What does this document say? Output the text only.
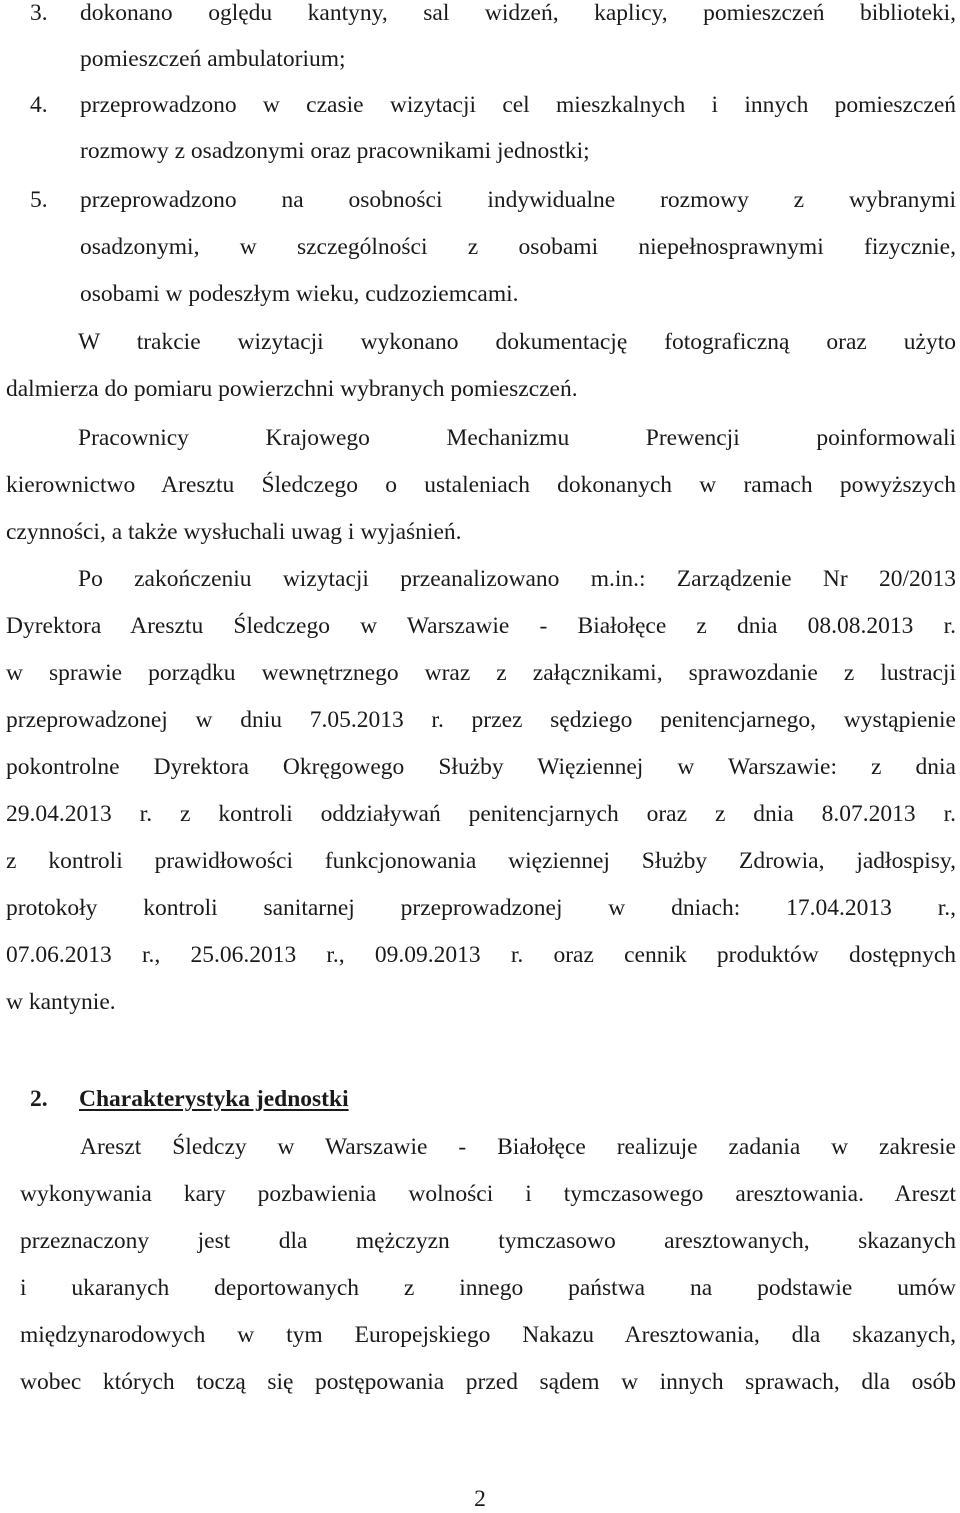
3. dokonano oględu kantyny, sal widzeń, kaplicy, pomieszczeń biblioteki,
pomieszczeń ambulatorium;
4. przeprowadzono w czasie wizytacji cel mieszkalnych i innych pomieszczeń
rozmowy z osadzonymi oraz pracownikami jednostki;
5. przeprowadzono na osobności indywidualne rozmowy z wybranymi
osadzonymi, w szczególności z osobami niepełnosprawnymi fizycznie,
osobami w podeszłym wieku, cudzoziemcami.
W trakcie wizytacji wykonano dokumentację fotograficzną oraz użyto
dalmierza do pomiaru powierzchni wybranych pomieszczeń.
Pracownicy Krajowego Mechanizmu Prewencji poinformowali
kierownictwo Aresztu Śledczego o ustaleniach dokonanych w ramach powyższych
czynności, a także wysłuchali uwag i wyjaśnień.
Po zakończeniu wizytacji przeanalizowano m.in.: Zarządzenie Nr 20/2013
Dyrektora Aresztu Śledczego w Warszawie - Białołęce z dnia 08.08.2013 r.
w sprawie porządku wewnętrznego wraz z załącznikami, sprawozdanie z lustracji
przeprowadzonej w dniu 7.05.2013 r. przez sędziego penitencjarnego, wystąpienie
pokontrolne Dyrektora Okręgowego Służby Więziennej w Warszawie: z dnia
29.04.2013 r. z kontroli oddziaływań penitencjarnych oraz z dnia 8.07.2013 r.
z kontroli prawidłowości funkcjonowania więziennej Służby Zdrowia, jadłospisy,
protokoły kontroli sanitarnej przeprowadzonej w dniach: 17.04.2013 r.,
07.06.2013 r., 25.06.2013 r., 09.09.2013 r. oraz cennik produktów dostępnych
w kantynie.
2. Charakterystyka jednostki
Areszt Śledczy w Warszawie - Białołęce realizuje zadania w zakresie
wykonywania kary pozbawienia wolności i tymczasowego aresztowania. Areszt
przeznaczony jest dla mężczyzn tymczasowo aresztowanych, skazanych
i ukaranych deportowanych z innego państwa na podstawie umów
międzynarodowych w tym Europejskiego Nakazu Aresztowania, dla skazanych,
wobec których toczą się postępowania przed sądem w innych sprawach, dla osób
2
